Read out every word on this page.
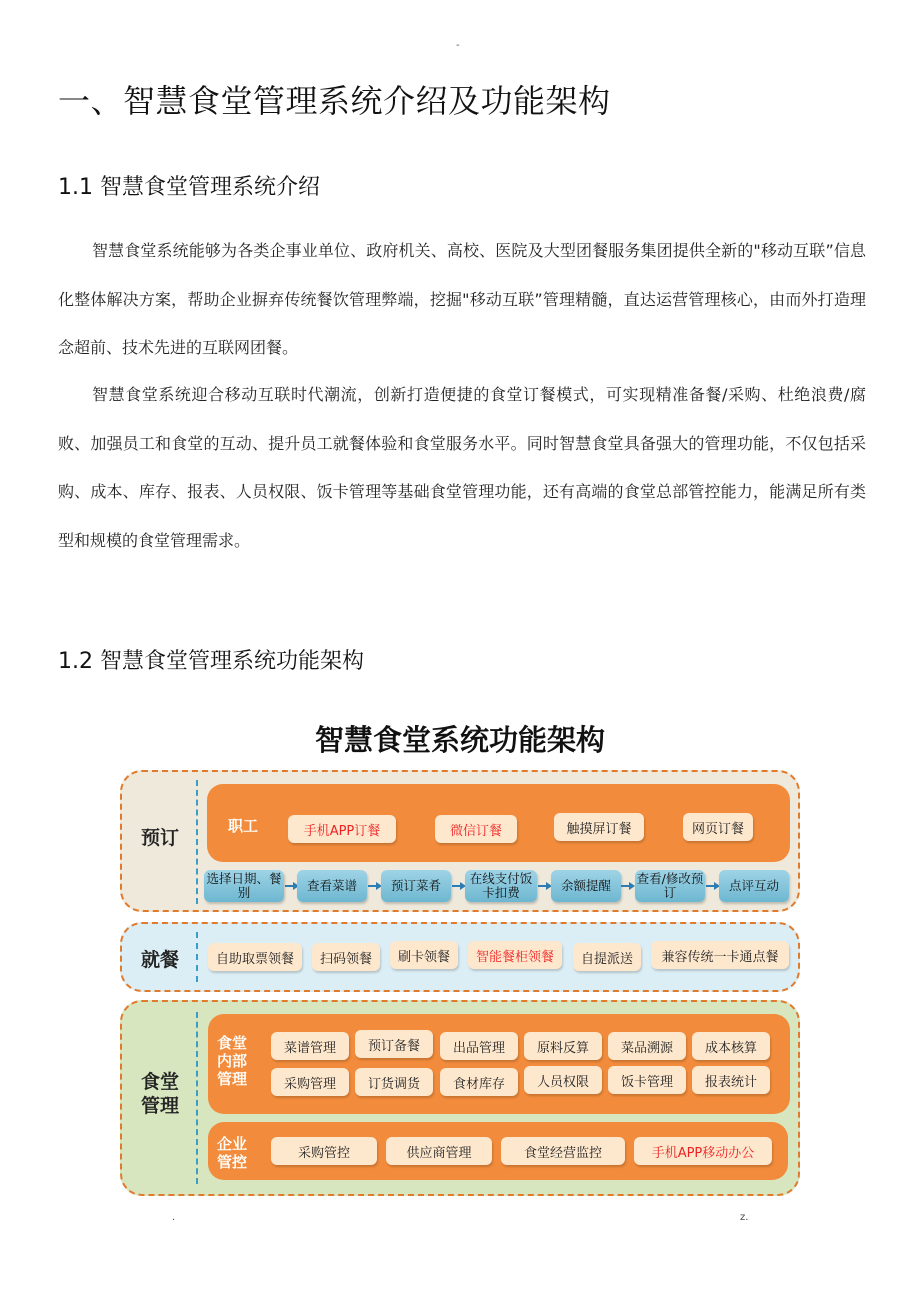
-
一、智慧食堂管理系统介绍及功能架构
1.1 智慧食堂管理系统介绍

智慧食堂系统能够为各类企事业单位、政府机关、高校、医院及大型团餐服务集团提供全新的"移动互联”信息化整体解决方案，帮助企业摒弃传统餐饮管理弊端，挖掘"移动互联”管理精髓，直达运营管理核心，由而外打造理念超前、技术先进的互联网团餐。

智慧食堂系统迎合移动互联时代潮流，创新打造便捷的食堂订餐模式，可实现精准备餐/采购、杜绝浪费/腐败、加强员工和食堂的互动、提升员工就餐体验和食堂服务水平。同时智慧食堂具备强大的管理功能，不仅包括采购、成本、库存、报表、人员权限、饭卡管理等基础食堂管理功能，还有高端的食堂总部管控能力，能满足所有类型和规模的食堂管理需求。

1.2 智慧食堂管理系统功能架构
智慧食堂系统功能架构
预订
职工	手机APP订餐	微信订餐	触摸屏订餐	网页订餐
选择日期、餐别	查看菜谱	预订菜肴	在线支付饭卡扣费	余额提醒	查看/修改预订	点评互动
就餐	自助取票领餐	扫码领餐	刷卡领餐	智能餐柜领餐	自提派送	兼容传统一卡通点餐
食堂管理
食堂内部管理
菜谱管理	预订备餐	出品管理	原料反算	菜品溯源	成本核算
采购管理	订货调货	食材库存	人员权限	饭卡管理	报表统计
企业管控	采购管控	供应商管理	食堂经营监控	手机APP移动办公
.	z.
